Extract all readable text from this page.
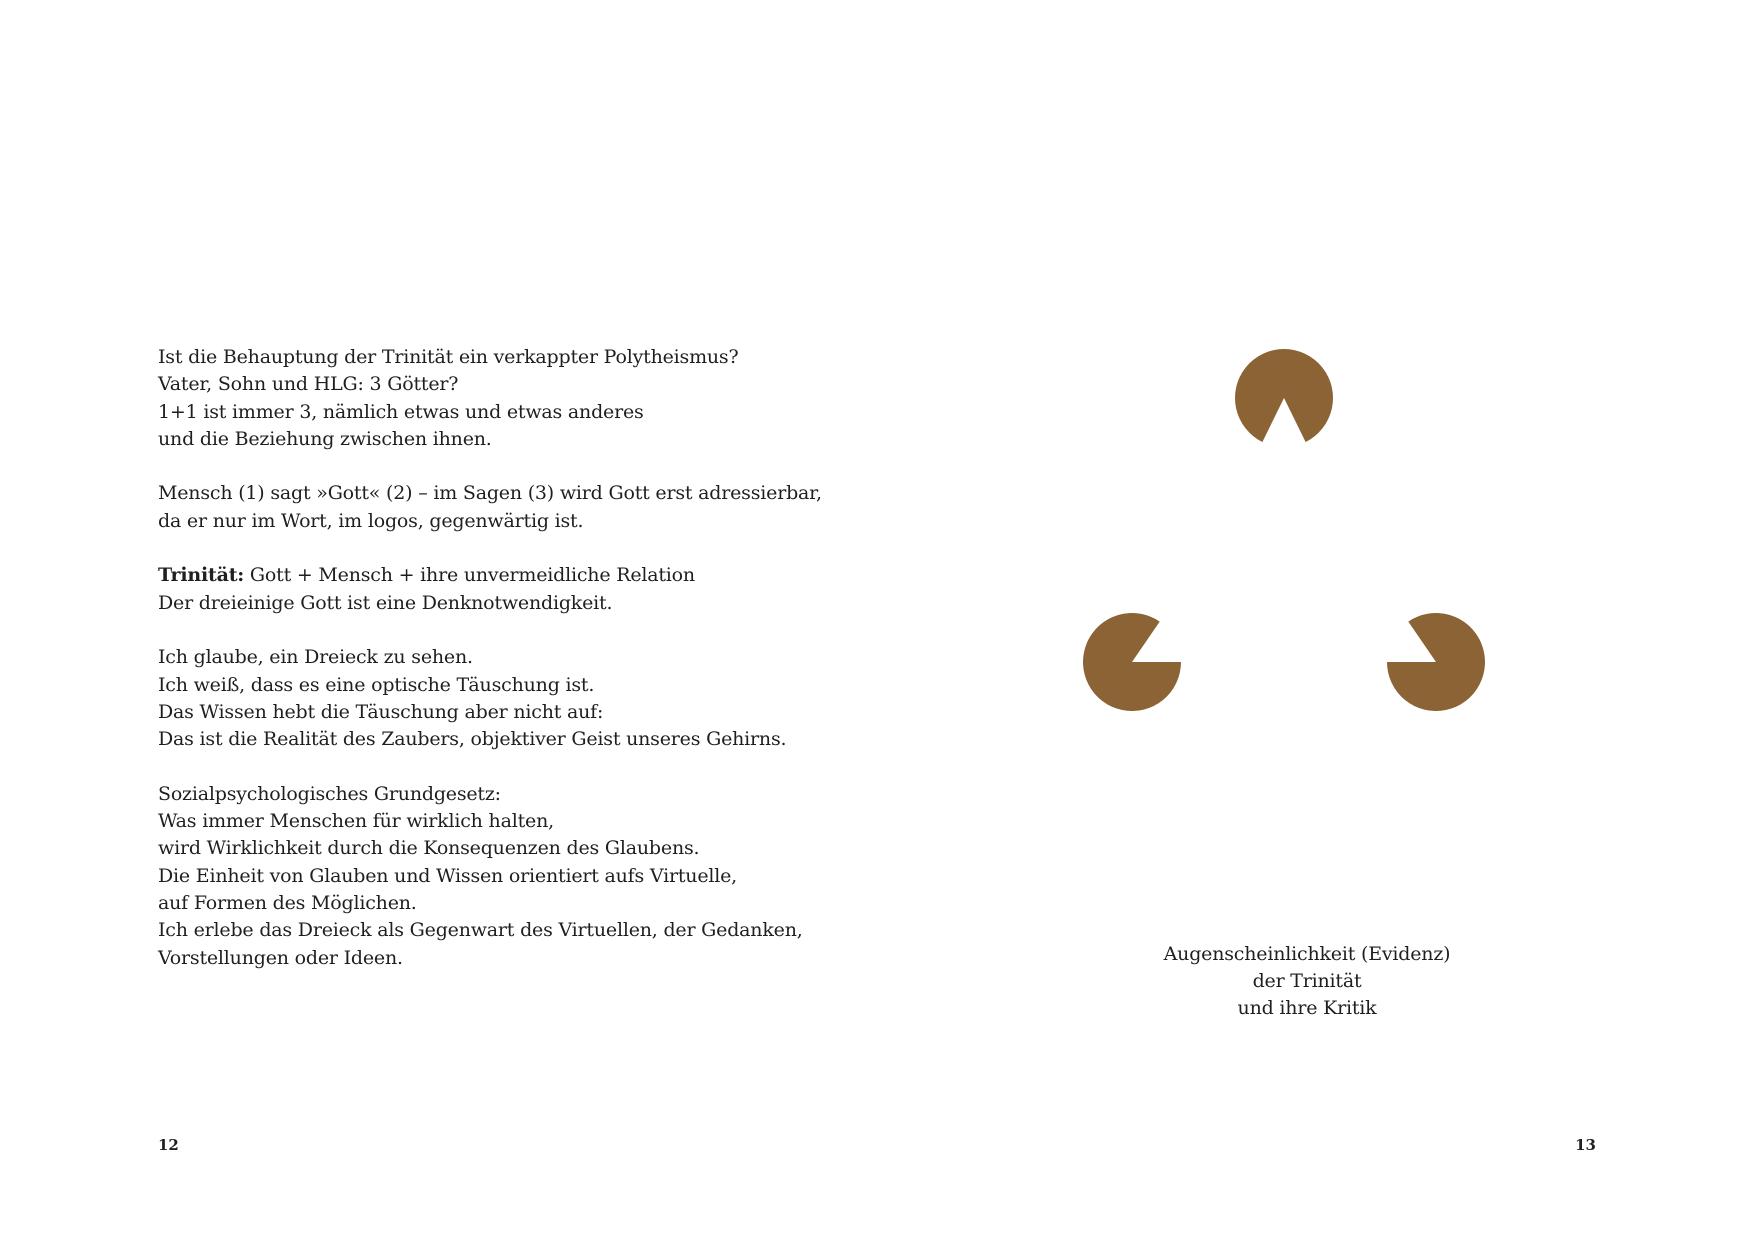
Ist die Behauptung der Trinität ein verkappter Polytheismus?
Vater, Sohn und HLG: 3 Götter?
1+1 ist immer 3, nämlich etwas und etwas anderes
und die Beziehung zwischen ihnen.

Mensch (1) sagt »Gott« (2) – im Sagen (3) wird Gott erst adressierbar,
da er nur im Wort, im logos, gegenwärtig ist.

Trinität: Gott + Mensch + ihre unvermeidliche Relation
Der dreieinige Gott ist eine Denknotwendigkeit.

Ich glaube, ein Dreieck zu sehen.
Ich weiß, dass es eine optische Täuschung ist.
Das Wissen hebt die Täuschung aber nicht auf:
Das ist die Realität des Zaubers, objektiver Geist unseres Gehirns.

Sozialpsychologisches Grundgesetz:
Was immer Menschen für wirklich halten,
wird Wirklichkeit durch die Konsequenzen des Glaubens.
Die Einheit von Glauben und Wissen orientiert aufs Virtuelle,
auf Formen des Möglichen.
Ich erlebe das Dreieck als Gegenwart des Virtuellen, der Gedanken,
Vorstellungen oder Ideen.

12
Augenscheinlichkeit (Evidenz)
der Trinität
und ihre Kritik
13
